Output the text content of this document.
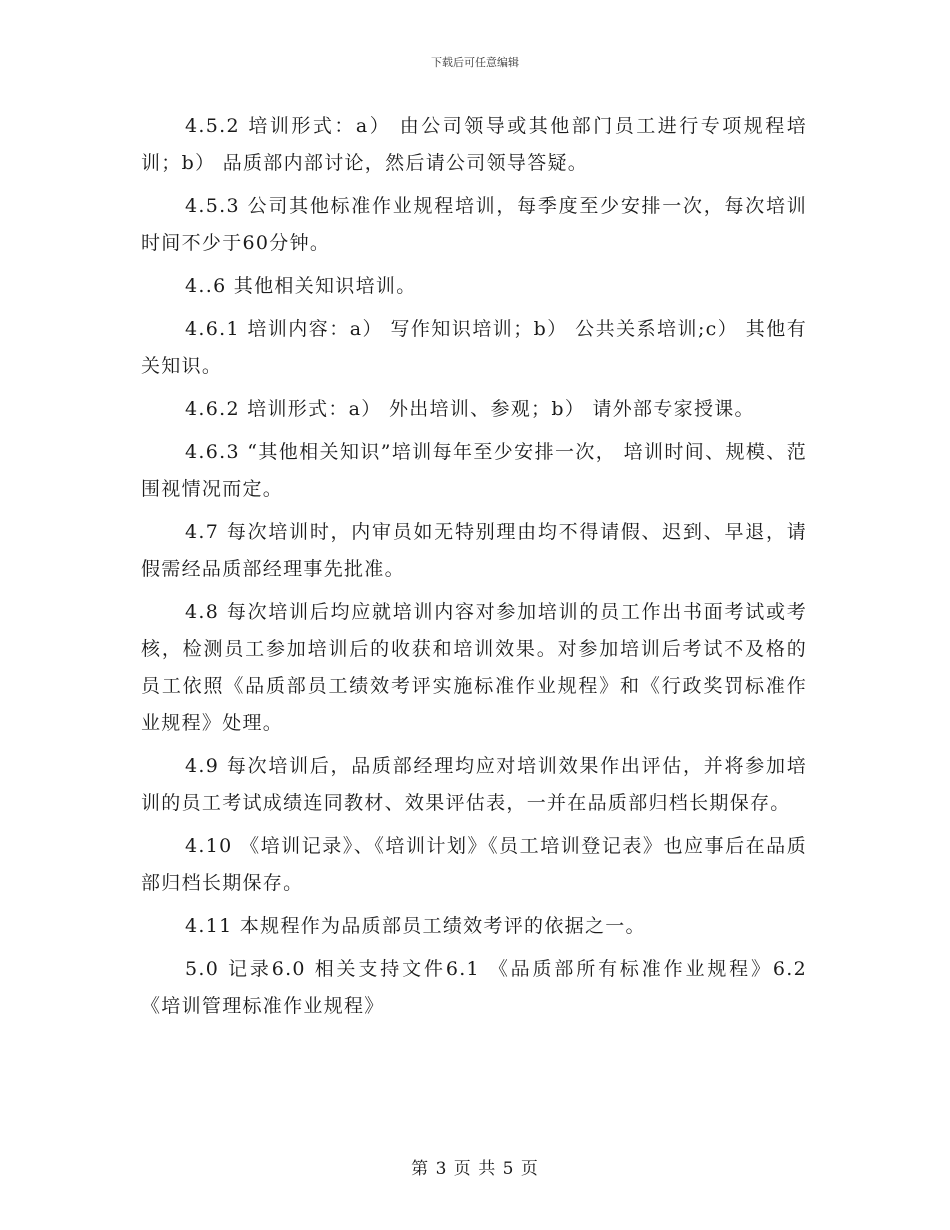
下载后可任意编辑

4.5.2 培训形式：a） 由公司领导或其他部门员工进行专项规程培训；b） 品质部内部讨论，然后请公司领导答疑。

4.5.3 公司其他标准作业规程培训，每季度至少安排一次，每次培训时间不少于60分钟。

4..6 其他相关知识培训。

4.6.1 培训内容：a） 写作知识培训；b） 公共关系培训;c） 其他有关知识。

4.6.2 培训形式：a） 外出培训、参观；b） 请外部专家授课。

4.6.3 “其他相关知识”培训每年至少安排一次， 培训时间、规模、范围视情况而定。

4.7 每次培训时，内审员如无特别理由均不得请假、迟到、早退，请假需经品质部经理事先批准。

4.8 每次培训后均应就培训内容对参加培训的员工作出书面考试或考核，检测员工参加培训后的收获和培训效果。对参加培训后考试不及格的员工依照《品质部员工绩效考评实施标准作业规程》和《行政奖罚标准作业规程》处理。

4.9 每次培训后，品质部经理均应对培训效果作出评估，并将参加培训的员工考试成绩连同教材、效果评估表，一并在品质部归档长期保存。

4.10 《培训记录》、《培训计划》《员工培训登记表》也应事后在品质部归档长期保存。

4.11 本规程作为品质部员工绩效考评的依据之一。

5.0 记录6.0 相关支持文件6.1 《品质部所有标准作业规程》6.2《培训管理标准作业规程》

第 3 页 共 5 页
